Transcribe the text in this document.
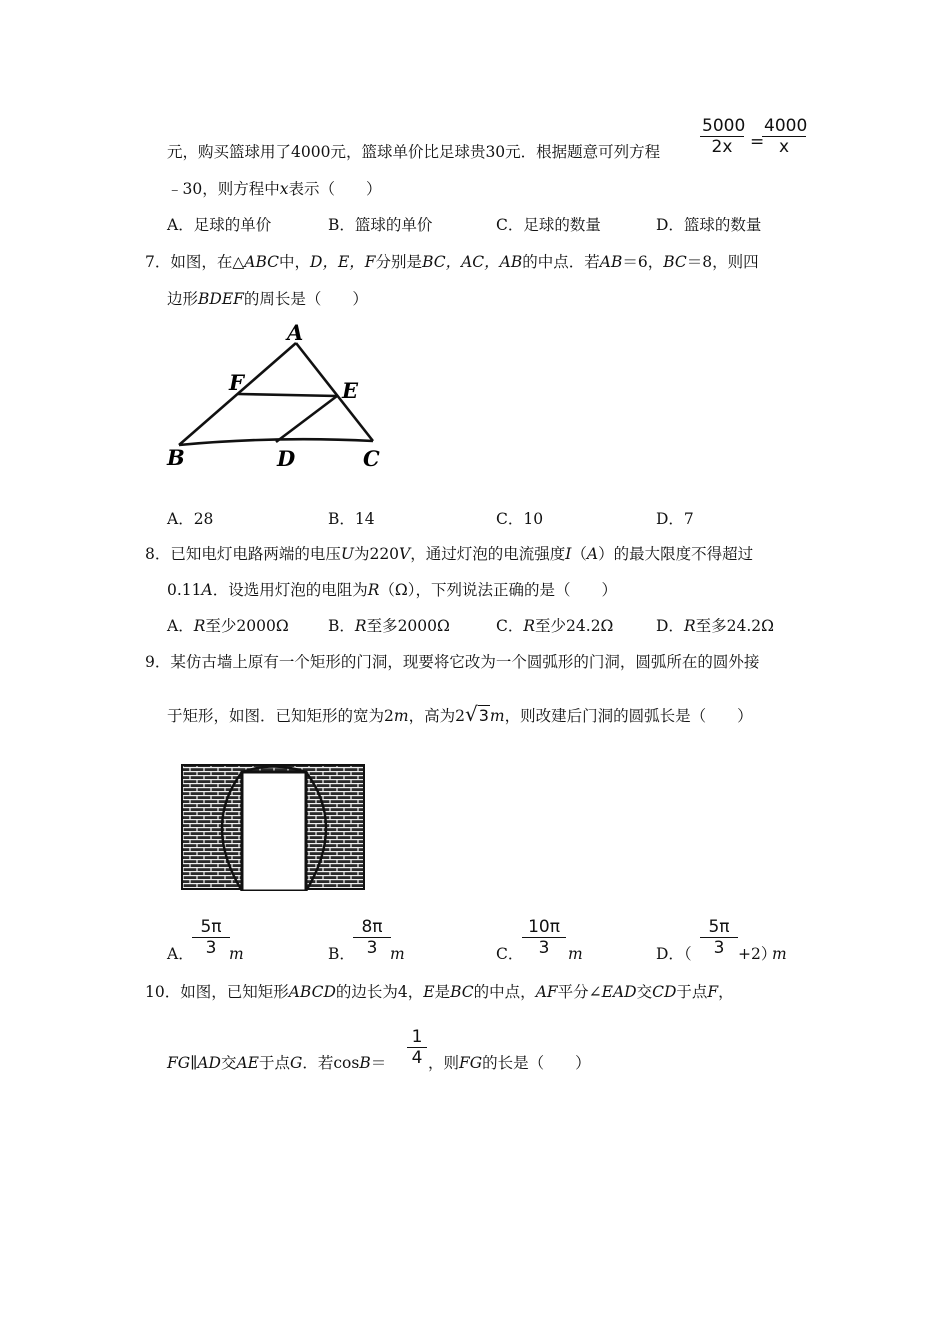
$\frac{5000}{2x}$ =
$\frac{4000}{x}$
元，购买篮球用了4000元，篮球单价比足球贵30元．根据题意可列方程
﹣30，则方程中x表示（　　）
A．足球的单价	B．篮球的单价	C．足球的数量	D．篮球的数量
7．如图，在△ABC中，D，E，F分别是BC，AC，AB的中点．若AB＝6，BC＝8，则四
边形BDEF的周长是（　　）
A
F	E
B	D	C
A．28	B．14	C．10	D．7
8．已知电灯电路两端的电压U为220V，通过灯泡的电流强度I（A）的最大限度不得超过
0.11A．设选用灯泡的电阻为R（Ω），下列说法正确的是（　　）
A．R至少2000Ω	B．R至多2000Ω	C．R至少24.2Ω	D．R至多24.2Ω
9．某仿古墙上原有一个矩形的门洞，现要将它改为一个圆弧形的门洞，圆弧所在的圆外接
于矩形，如图．已知矩形的宽为2m，高为2√3m，则改建后门洞的圆弧长是（　　）
A．
$\frac{5\pi}{3}$ m	B．
$\frac{8\pi}{3}$ m	C．
$\frac{10\pi}{3}$ m	D．（ $\frac{5\pi}{3} +2$）
m
10．如图，已知矩形ABCD的边长为4，E是BC的中点，AF平分∠EAD交CD于点F，
$\frac{1}{4}$
FG∥AD交AE于点G．若cosB＝	，则FG的长是（　　）
